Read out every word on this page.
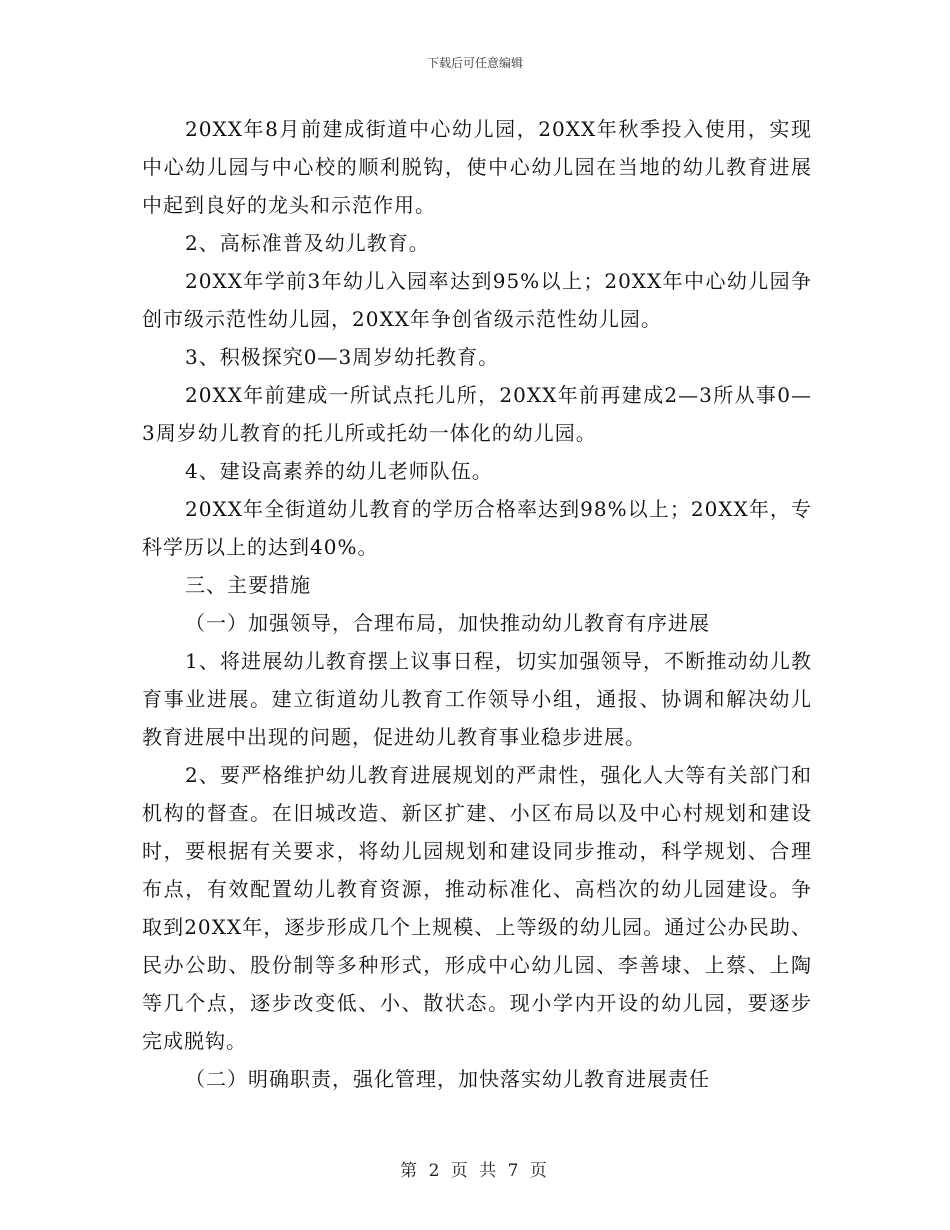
下载后可任意编辑

20XX年8月前建成街道中心幼儿园，20XX年秋季投入使用，实现中心幼儿园与中心校的顺利脱钩，使中心幼儿园在当地的幼儿教育进展中起到良好的龙头和示范作用。

2、高标准普及幼儿教育。

20XX年学前3年幼儿入园率达到95%以上；20XX年中心幼儿园争创市级示范性幼儿园，20XX年争创省级示范性幼儿园。

3、积极探究0—3周岁幼托教育。

20XX年前建成一所试点托儿所，20XX年前再建成2—3所从事0—3周岁幼儿教育的托儿所或托幼一体化的幼儿园。

4、建设高素养的幼儿老师队伍。

20XX年全街道幼儿教育的学历合格率达到98%以上；20XX年，专科学历以上的达到40%。

三、主要措施

（一）加强领导，合理布局，加快推动幼儿教育有序进展

1、将进展幼儿教育摆上议事日程，切实加强领导，不断推动幼儿教育事业进展。建立街道幼儿教育工作领导小组，通报、协调和解决幼儿教育进展中出现的问题，促进幼儿教育事业稳步进展。

2、要严格维护幼儿教育进展规划的严肃性，强化人大等有关部门和机构的督查。在旧城改造、新区扩建、小区布局以及中心村规划和建设时，要根据有关要求，将幼儿园规划和建设同步推动，科学规划、合理布点，有效配置幼儿教育资源，推动标准化、高档次的幼儿园建设。争取到20XX年，逐步形成几个上规模、上等级的幼儿园。通过公办民助、民办公助、股份制等多种形式，形成中心幼儿园、李善埭、上蔡、上陶等几个点，逐步改变低、小、散状态。现小学内开设的幼儿园，要逐步完成脱钩。

（二）明确职责，强化管理，加快落实幼儿教育进展责任

第 2 页 共 7 页
